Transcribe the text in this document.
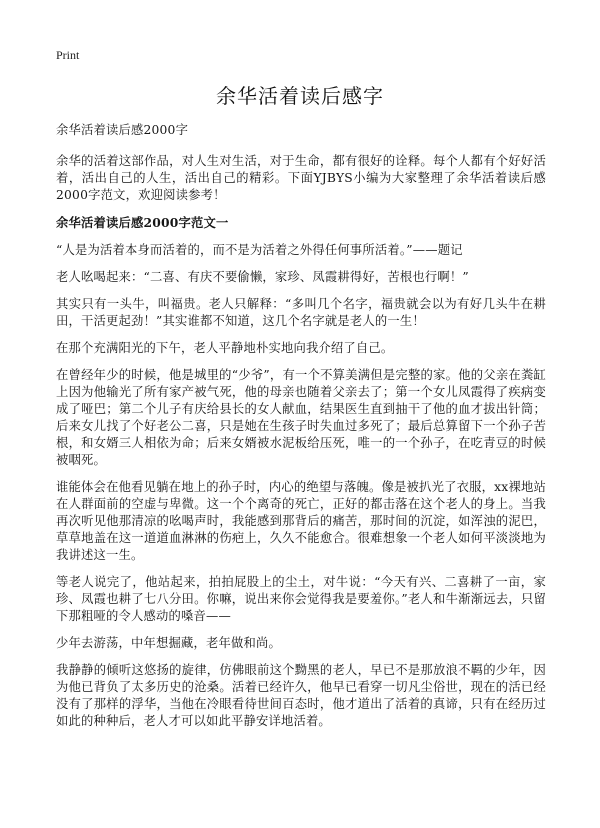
Print
余华活着读后感字

余华活着读后感2000字

余华的活着这部作品，对人生对生活，对于生命，都有很好的诠释。每个人都有个好好活着，活出自己的人生，活出自己的精彩。下面YJBYS小编为大家整理了余华活着读后感2000字范文，欢迎阅读参考！

余华活着读后感2000字范文一

“人是为活着本身而活着的，而不是为活着之外得任何事所活着。”——题记

老人吆喝起来：“二喜、有庆不要偷懒，家珍、凤霞耕得好，苦根也行啊！”

其实只有一头牛，叫福贵。老人只解释：“多叫几个名字，福贵就会以为有好几头牛在耕田，干活更起劲！”其实谁都不知道，这几个名字就是老人的一生！

在那个充满阳光的下午，老人平静地朴实地向我介绍了自己。

在曾经年少的时候，他是城里的“少爷”，有一个不算美满但是完整的家。他的父亲在粪缸上因为他输光了所有家产被气死，他的母亲也随着父亲去了；第一个女儿凤霞得了疾病变成了哑巴；第二个儿子有庆给县长的女人献血，结果医生直到抽干了他的血才拔出针筒；后来女儿找了个好老公二喜，只是她在生孩子时失血过多死了；最后总算留下一个孙子苦根，和女婿三人相依为命；后来女婿被水泥板给压死，唯一的一个孙子，在吃青豆的时候被咽死。

谁能体会在他看见躺在地上的孙子时，内心的绝望与落魄。像是被扒光了衣服，xx裸地站在人群面前的空虚与卑微。这一个个离奇的死亡，正好的都击落在这个老人的身上。当我再次听见他那清凉的吆喝声时，我能感到那背后的痛苦，那时间的沉淀，如浑浊的泥巴，草草地盖在这一道道血淋淋的伤疤上，久久不能愈合。很难想象一个老人如何平淡淡地为我讲述这一生。

等老人说完了，他站起来，拍拍屁股上的尘土，对牛说：“今天有兴、二喜耕了一亩，家珍、凤霞也耕了七八分田。你嘛，说出来你会觉得我是要羞你。”老人和牛渐渐远去，只留下那粗哑的令人感动的嗓音——

少年去游荡，中年想掘藏，老年做和尚。

我静静的倾听这悠扬的旋律，仿佛眼前这个黝黑的老人，早已不是那放浪不羁的少年，因为他已背负了太多历史的沧桑。活着已经许久，他早已看穿一切凡尘俗世，现在的活已经没有了那样的浮华，当他在冷眼看待世间百态时，他才道出了活着的真谛，只有在经历过如此的种种后，老人才可以如此平静安详地活着。
